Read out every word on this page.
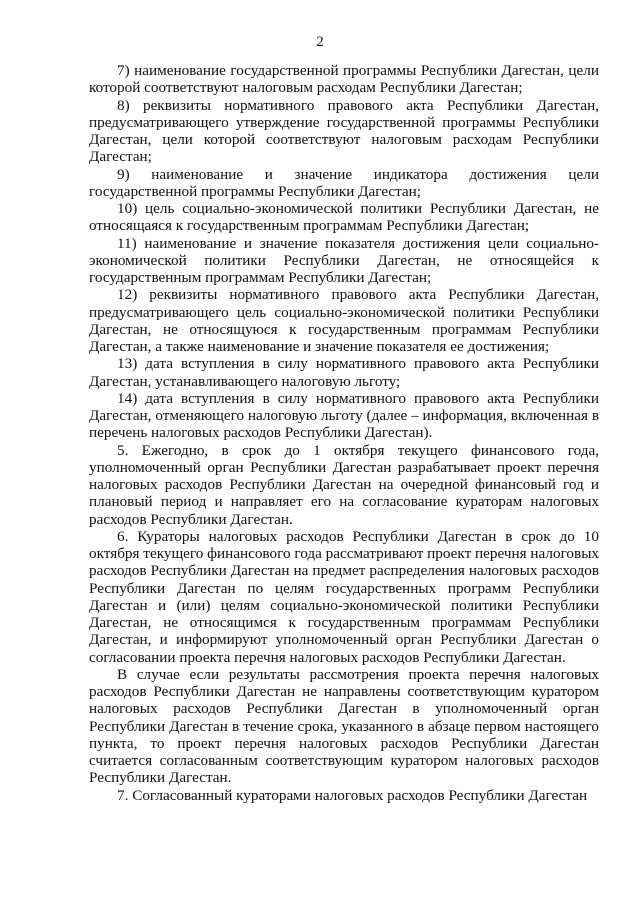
2

7) наименование государственной программы Республики Дагестан, цели которой соответствуют налоговым расходам Республики Дагестан;

8) реквизиты нормативного правового акта Республики Дагестан, предусматривающего утверждение государственной программы Республики Дагестан, цели которой соответствуют налоговым расходам Республики Дагестан;

9) наименование и значение индикатора достижения цели государственной программы Республики Дагестан;

10) цель социально-экономической политики Республики Дагестан, не относящаяся к государственным программам Республики Дагестан;

11) наименование и значение показателя достижения цели социально-экономической политики Республики Дагестан, не относящейся к государственным программам Республики Дагестан;

12) реквизиты нормативного правового акта Республики Дагестан, предусматривающего цель социально-экономической политики Республики Дагестан, не относящуюся к государственным программам Республики Дагестан, а также наименование и значение показателя ее достижения;

13) дата вступления в силу нормативного правового акта Республики Дагестан, устанавливающего налоговую льготу;

14) дата вступления в силу нормативного правового акта Республики Дагестан, отменяющего налоговую льготу (далее – информация, включенная в перечень налоговых расходов Республики Дагестан).

5. Ежегодно, в срок до 1 октября текущего финансового года, уполномоченный орган Республики Дагестан разрабатывает проект перечня налоговых расходов Республики Дагестан на очередной финансовый год и плановый период и направляет его на согласование кураторам налоговых расходов Республики Дагестан.

6. Кураторы налоговых расходов Республики Дагестан в срок до 10 октября текущего финансового года рассматривают проект перечня налоговых расходов Республики Дагестан на предмет распределения налоговых расходов Республики Дагестан по целям государственных программ Республики Дагестан и (или) целям социально-экономической политики Республики Дагестан, не относящимся к государственным программам Республики Дагестан, и информируют уполномоченный орган Республики Дагестан о согласовании проекта перечня налоговых расходов Республики Дагестан.

В случае если результаты рассмотрения проекта перечня налоговых расходов Республики Дагестан не направлены соответствующим куратором налоговых расходов Республики Дагестан в уполномоченный орган Республики Дагестан в течение срока, указанного в абзаце первом настоящего пункта, то проект перечня налоговых расходов Республики Дагестан считается согласованным соответствующим куратором налоговых расходов Республики Дагестан.

7. Согласованный кураторами налоговых расходов Республики Дагестан
